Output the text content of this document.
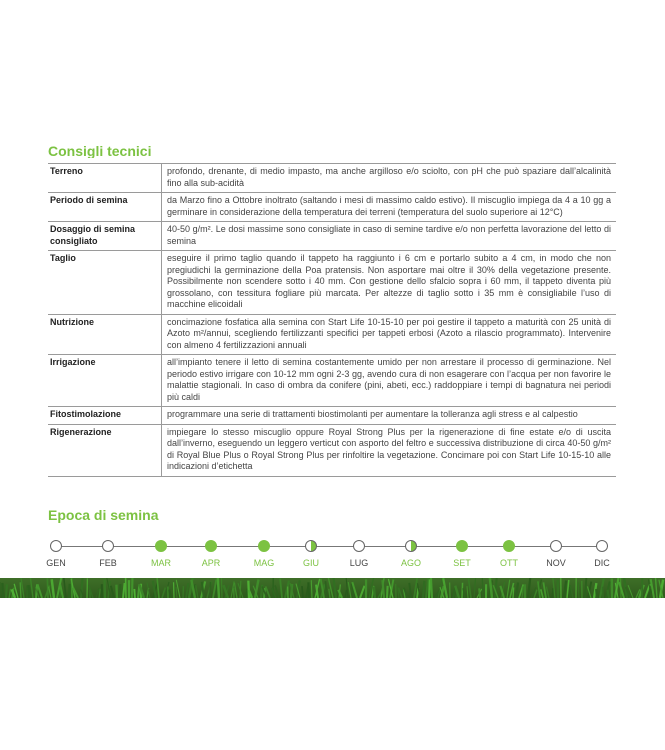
Consigli tecnici
Terreno	profondo, drenante, di medio impasto, ma anche argilloso e/o sciolto, con pH che può spaziare dall’alcalinità fino alla sub-acidità
Periodo di semina	da Marzo fino a Ottobre inoltrato (saltando i mesi di massimo caldo estivo). Il miscuglio impiega da 4 a 10 gg a germinare in considerazione della temperatura dei terreni (temperatura del suolo superiore ai 12°C)
Dosaggio di semina consigliato	40-50 g/m². Le dosi massime sono consigliate in caso di semine tardive e/o non perfetta lavorazione del letto di semina
Taglio	eseguire il primo taglio quando il tappeto ha raggiunto i 6 cm e portarlo subito a 4 cm, in modo che non pregiudichi la germinazione della Poa pratensis. Non asportare mai oltre il 30% della vegetazione presente. Possibilmente non scendere sotto i 40 mm. Con gestione dello sfalcio sopra i 60 mm, il tappeto diventa più grossolano, con tessitura fogliare più marcata. Per altezze di taglio sotto i 35 mm è consigliabile l’uso di macchine elicoidali
Nutrizione	concimazione fosfatica alla semina con Start Life 10-15-10 per poi gestire il tappeto a maturità con 25 unità di Azoto m²/annui, scegliendo fertilizzanti specifici per tappeti erbosi (Azoto a rilascio programmato). Intervenire con almeno 4 fertilizzazioni annuali
Irrigazione	all’impianto tenere il letto di semina costantemente umido per non arrestare il processo di germinazione. Nel periodo estivo irrigare con 10-12 mm ogni 2-3 gg, avendo cura di non esagerare con l’acqua per non favorire le malattie stagionali. In caso di ombra da conifere (pini, abeti, ecc.) raddoppiare i tempi di bagnatura nei periodi più caldi
Fitostimolazione	programmare una serie di trattamenti biostimolanti per aumentare la tolleranza agli stress e al calpestio
Rigenerazione	impiegare lo stesso miscuglio oppure Royal Strong Plus per la rigenerazione di fine estate e/o di uscita dall’inverno, eseguendo un leggero verticut con asporto del feltro e successiva distribuzione di circa 40-50 g/m² di Royal Blue Plus o Royal Strong Plus per rinfoltire la vegetazione. Concimare poi con Start Life 10-15-10 alle indicazioni d’etichetta
Epoca di semina
GEN	FEB	MAR	APR	MAG	GIU	LUG	AGO	SET	OTT	NOV	DIC
